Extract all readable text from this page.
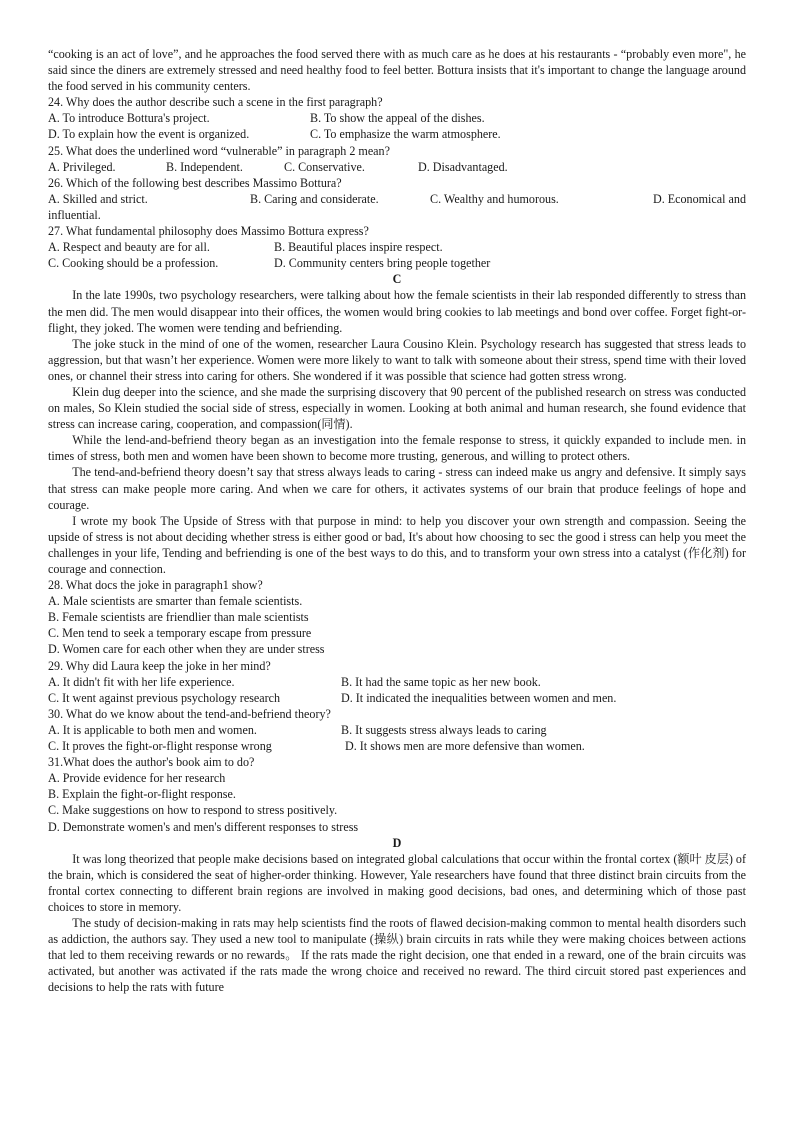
“cooking is an act of love”, and he approaches the food served there with as much care as he does at his restaurants - “probably even more", he said since the diners are extremely stressed and need healthy food to feel better. Bottura insists that it's important to change the language around the food served in his community centers.

24. Why does the author describe such a scene in the first paragraph?

A. To introduce Bottura's project.	B. To show the appeal of the dishes.
D. To explain how the event is organized.	C. To emphasize the warm atmosphere.

25. What does the underlined word “vulnerable” in paragraph 2 mean?

A. Privileged.	B. Independent.	C. Conservative.	D. Disadvantaged.

26. Which of the following best describes Massimo Bottura?

A. Skilled and strict.	B. Caring and considerate.	C. Wealthy and humorous.	D. Economical and

influential.

27. What fundamental philosophy does Massimo Bottura express?

A. Respect and beauty are for all.	B. Beautiful places inspire respect.
C. Cooking should be a profession.	D. Community centers bring people together

C

In the late 1990s, two psychology researchers, were talking about how the female scientists in their lab responded differently to stress than the men did. The men would disappear into their offices, the women would bring cookies to lab meetings and bond over coffee. Forget fight-or-flight, they joked. The women were tending and befriending.

The joke stuck in the mind of one of the women, researcher Laura Cousino Klein. Psychology research has suggested that stress leads to aggression, but that wasn’t her experience. Women were more likely to want to talk with someone about their stress, spend time with their loved ones, or channel their stress into caring for others. She wondered if it was possible that science had gotten stress wrong.

Klein dug deeper into the science, and she made the surprising discovery that 90 percent of the published research on stress was conducted on males, So Klein studied the social side of stress, especially in women. Looking at both animal and human research, she found evidence that stress can increase caring, cooperation, and compassion(同情).

While the lend-and-befriend theory began as an investigation into the female response to stress, it quickly expanded to include men. in times of stress, both men and women have been shown to become more trusting, generous, and willing to protect others.

The tend-and-befriend theory doesn’t say that stress always leads to caring - stress can indeed make us angry and defensive. It simply says that stress can make people more caring. And when we care for others, it activates systems of our brain that produce feelings of hope and courage.

I wrote my book The Upside of Stress with that purpose in mind: to help you discover your own strength and compassion. Seeing the upside of stress is not about deciding whether stress is either good or bad, It's about how choosing to sec the good i stress can help you meet the challenges in your life, Tending and befriending is one of the best ways to do this, and to transform your own stress into a catalyst (作化剂) for courage and connection.

28. What docs the joke in paragraph1 show?

A. Male scientists are smarter than female scientists.

B. Female scientists are friendlier than male scientists

C. Men tend to seek a temporary escape from pressure

D. Women care for each other when they are under stress

29. Why did Laura keep the joke in her mind?

A. It didn't fit with her life experience.	B. It had the same topic as her new book.
C. It went against previous psychology research	D. It indicated the inequalities between women and men.

30. What do we know about the tend-and-befriend theory?

A. It is applicable to both men and women.	B. It suggests stress always leads to caring
C. It proves the fight-or-flight response wrong	D. It shows men are more defensive than women.

31.What does the author's book aim to do?

A. Provide evidence for her research

B. Explain the fight-or-flight response.

C. Make suggestions on how to respond to stress positively.

D. Demonstrate women's and men's different responses to stress

D

It was long theorized that people make decisions based on integrated global calculations that occur within the frontal cortex (额叶 皮层) of the brain, which is considered the seat of higher-order thinking. However, Yale researchers have found that three distinct brain circuits from the frontal cortex connecting to different brain regions are involved in making good decisions, bad ones, and determining which of those past choices to store in memory.

The study of decision-making in rats may help scientists find the roots of flawed decision-making common to mental health disorders such as addiction, the authors say. They used a new tool to manipulate (操纵) brain circuits in rats while they were making choices between actions that led to them receiving rewards or no rewards。 If the rats made the right decision, one that ended in a reward, one of the brain circuits was activated, but another was activated if the rats made the wrong choice and received no reward. The third circuit stored past experiences and decisions to help the rats with future
